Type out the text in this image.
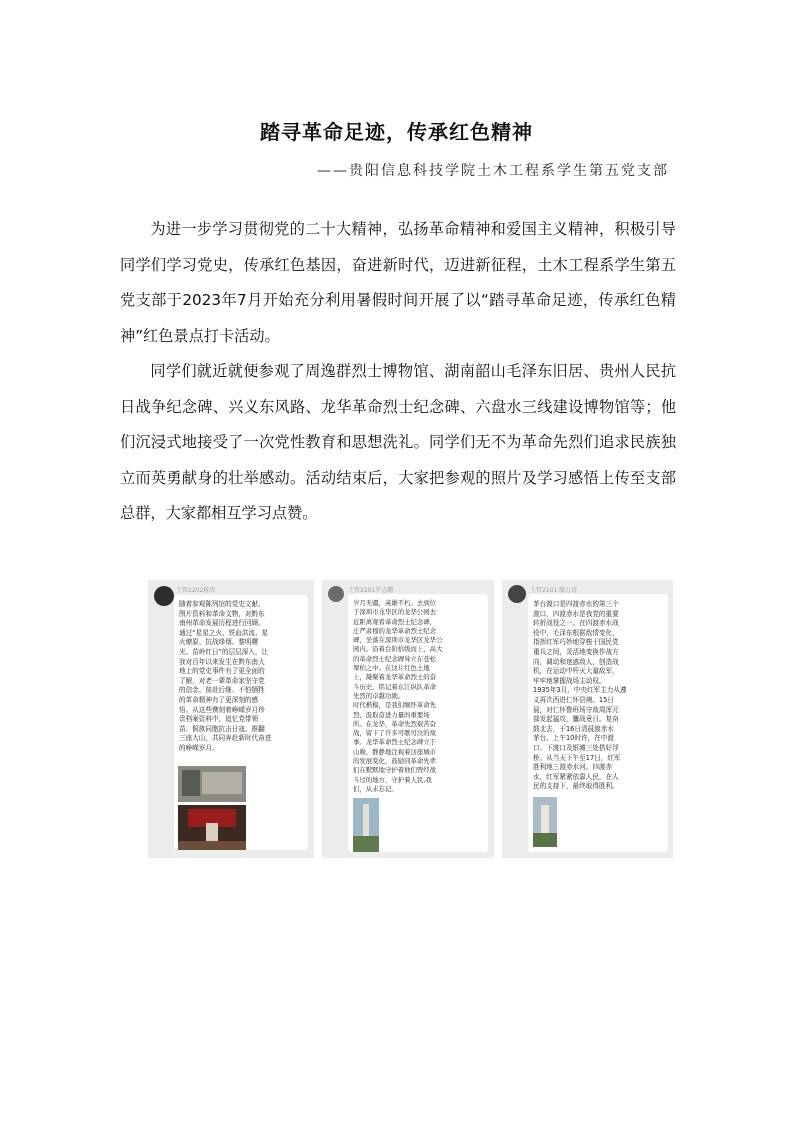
踏寻革命足迹，传承红色精神
——贵阳信息科技学院土木工程系学生第五党支部

为进一步学习贯彻党的二十大精神，弘扬革命精神和爱国主义精神，积极引导同学们学习党史，传承红色基因，奋进新时代，迈进新征程，土木工程系学生第五党支部于2023年7月开始充分利用暑假时间开展了以“踏寻革命足迹，传承红色精神”红色景点打卡活动。

同学们就近就便参观了周逸群烈士博物馆、湖南韶山毛泽东旧居、贵州人民抗日战争纪念碑、兴义东风路、龙华革命烈士纪念碑、六盘水三线建设博物馆等；他们沉浸式地接受了一次党性教育和思想洗礼。同学们无不为革命先烈们追求民族独立而英勇献身的壮举感动。活动结束后，大家把参观的照片及学习感悟上传至支部总群，大家都相互学习点赞。

土管2202蒋涛
随着参观陈列馆的党史文献、
图片资料和革命文物，对黔东
南州革命发展历程进行回顾。
通过“星星之火、铁血洪流、星
火燎原、抗战烽烟、黎明曙
光、苗岭红日”的层层深入，让
我对百年以来发生在黔东南大
地上的党史事件有了更全面的
了解，对老一辈革命家坚守党
的信念、前赴后继、不怕牺牲
的革命精神有了更深刻的感
悟。从这些镌刻着峥嵘岁月珍
贵档案资料中，追忆党带领
苗、侗族同胞抗击日寇、推翻
三座大山，共同奔赴新时代奋进
的峥嵘岁月。
土管2201罗志鹏
岁月无疆，英雄不朽。去到位
于深圳市龙华区的龙华公园去
近距离观看革命烈士纪念碑，
庄严肃穆的龙华革命烈士纪念
碑，坐落在深圳市龙华区龙华公
园内。沿着台阶拾级而上，高大
的革命烈士纪念碑耸立在苍松
翠柏之中。在这片红色土地
上，凝聚着龙华革命烈士的奋
斗历史，铭记着东江纵队革命
先烈的卓越功勋。
时代楷模，是我们缅怀革命先
烈、汲取奋进力量的重要场
所。在龙华，革命先烈艰苦奋
战，留下了许多可歌可泣的故
事。龙华革命烈士纪念碑立于
山巅，静静地注视着这座城市
的发展变化，鼓励同革命先辈
们在默默地守护着他们曾经战
斗过的地方，守护着人民,我
们，从未忘记。
土管2101 滕万涛
茅台渡口是四渡赤水的第三个
渡口，四渡赤水是我党的重要
转折战役之一。在四渡赤水战
役中，毛泽东根据敌情变化，
指挥红军巧妙地穿梭于国民党
重兵之间，灵活地变换作战方
向，调动和迷惑敌人，创造战
机，在运动中歼灭大量敌军，
牢牢地掌握战场主动权。
1935年3月，中央红军主力从遵
义再次西进仁怀县境。15日
晨，对仁怀鲁班场守敌周浑元
部发起猛攻，鏖战竟日。复奋
鼓北去，于16日清晨渡赤水
茅台。上午10时许，在中渡
口、下渡口及银滩三处搭好浮
桥。从当天下午至17日，红军
胜利地三渡赤水河。四渡赤
水，红军紧紧依靠人民，在人
民的支持下，最终取得胜利。
